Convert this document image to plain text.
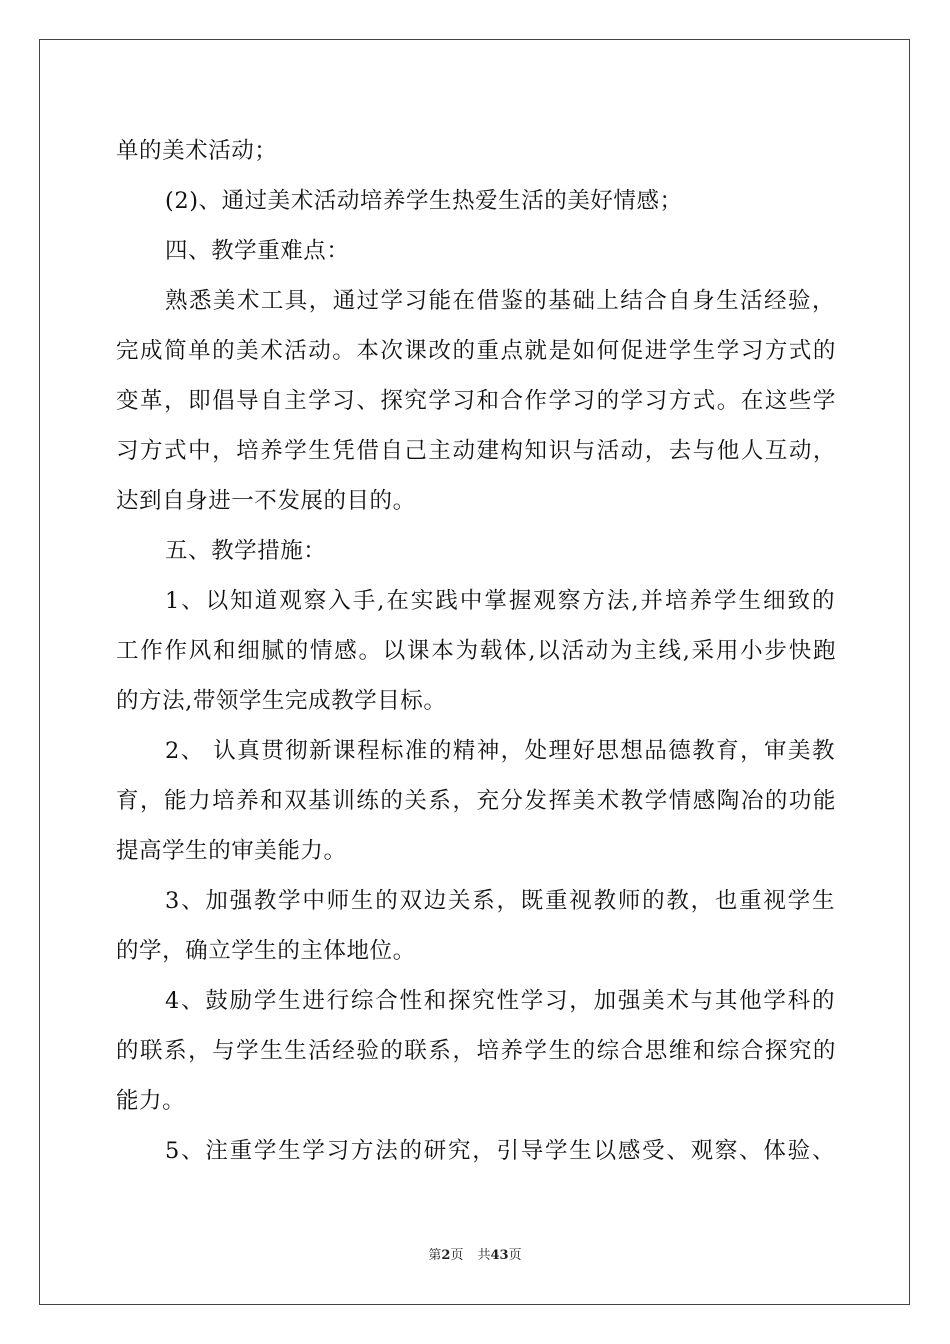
单的美术活动；
(2)、通过美术活动培养学生热爱生活的美好情感；
四、教学重难点：
熟悉美术工具，通过学习能在借鉴的基础上结合自身生活经验，
完成简单的美术活动。本次课改的重点就是如何促进学生学习方式的
变革，即倡导自主学习、探究学习和合作学习的学习方式。在这些学
习方式中，培养学生凭借自己主动建构知识与活动，去与他人互动，
达到自身进一不发展的目的。
五、教学措施：
1、以知道观察入手,在实践中掌握观察方法,并培养学生细致的
工作作风和细腻的情感。以课本为载体,以活动为主线,采用小步快跑
的方法,带领学生完成教学目标。
2、 认真贯彻新课程标准的精神，处理好思想品德教育，审美教
育，能力培养和双基训练的关系，充分发挥美术教学情感陶冶的功能
提高学生的审美能力。
3、加强教学中师生的双边关系，既重视教师的教，也重视学生
的学，确立学生的主体地位。
4、鼓励学生进行综合性和探究性学习，加强美术与其他学科的
的联系，与学生生活经验的联系，培养学生的综合思维和综合探究的
能力。
5、注重学生学习方法的研究，引导学生以感受、观察、体验、
第2页 共43页
